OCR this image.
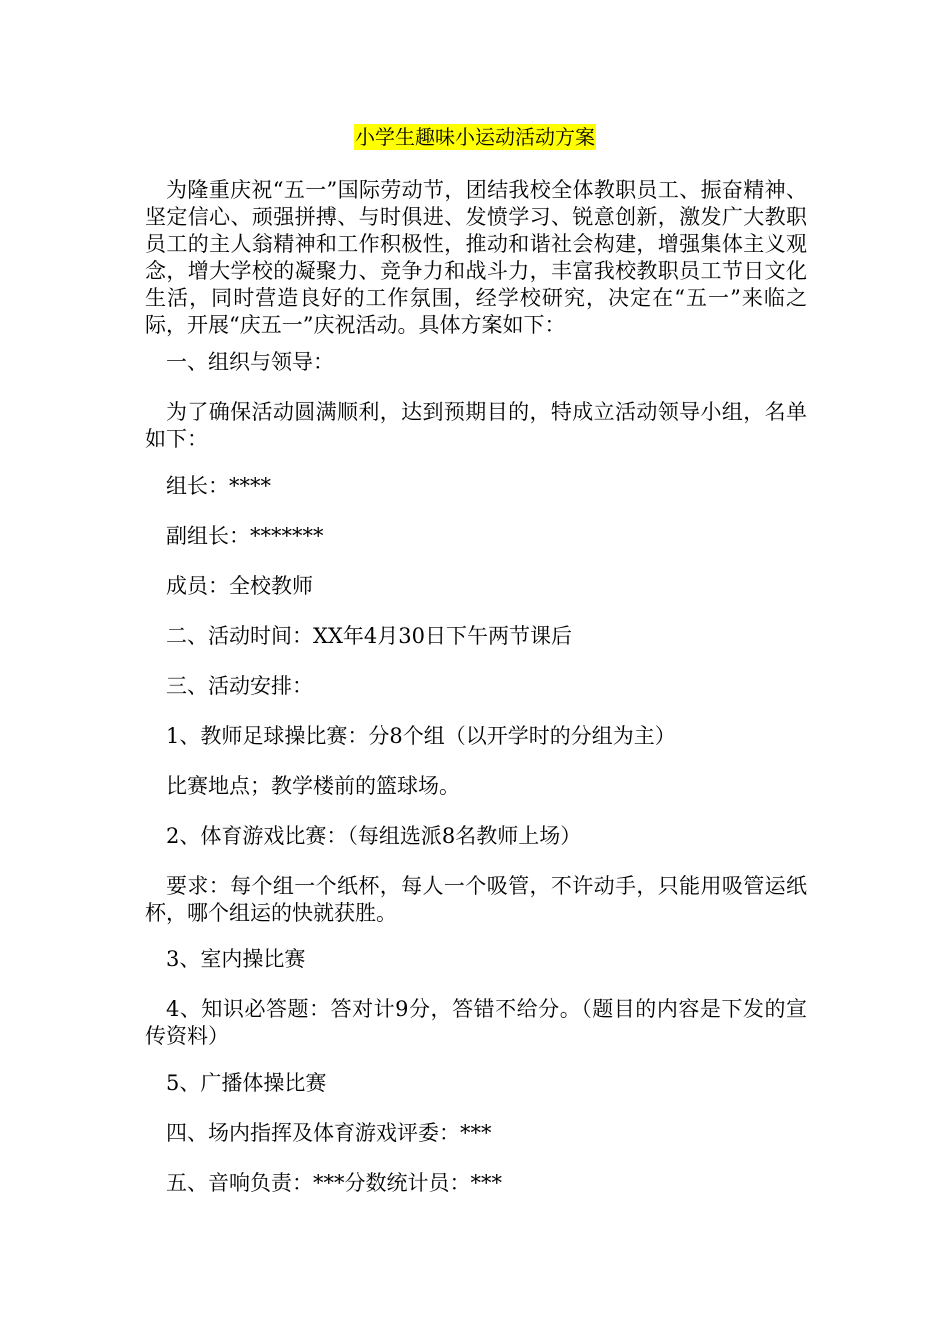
小学生趣味小运动活动方案

为隆重庆祝“五一”国际劳动节，团结我校全体教职员工、振奋精神、坚定信心、顽强拼搏、与时俱进、发愤学习、锐意创新，激发广大教职员工的主人翁精神和工作积极性，推动和谐社会构建，增强集体主义观念，增大学校的凝聚力、竞争力和战斗力，丰富我校教职员工节日文化生活，同时营造良好的工作氛围，经学校研究，决定在“五一”来临之际，开展“庆五一”庆祝活动。具体方案如下：

一、组织与领导：

为了确保活动圆满顺利，达到预期目的，特成立活动领导小组，名单如下：

组长：****

副组长：*******

成员：全校教师

二、活动时间：XX年4月30日下午两节课后

三、活动安排：

1、教师足球操比赛：分8个组（以开学时的分组为主）

比赛地点；教学楼前的篮球场。

2、体育游戏比赛：（每组选派8名教师上场）

要求：每个组一个纸杯，每人一个吸管，不许动手，只能用吸管运纸杯，哪个组运的快就获胜。

3、室内操比赛

4、知识必答题：答对计9分，答错不给分。（题目的内容是下发的宣传资料）

5、广播体操比赛

四、场内指挥及体育游戏评委：***

五、音响负责：***分数统计员：***
